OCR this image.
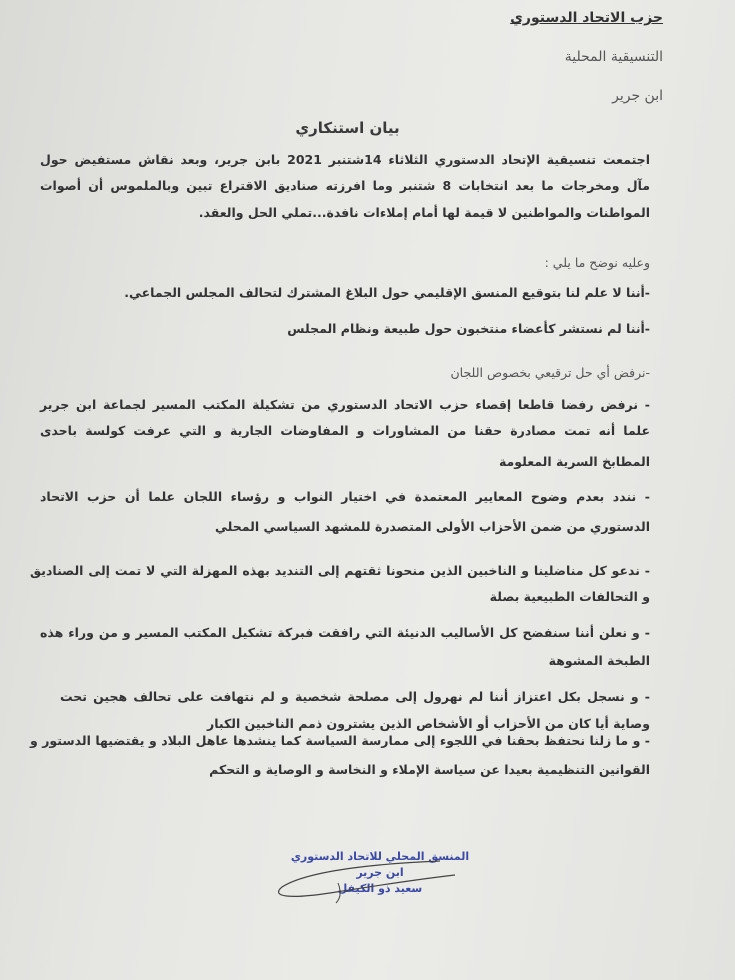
حزب الاتحاد الدستوري
التنسيقية المحلية
ابن جرير
بيان استنكاري
اجتمعت تنسيقية الإتحاد الدستوري الثلاثاء 14شتنبر 2021 بابن جرير، وبعد نقاش مستفيض حول
مآل ومخرجات ما بعد انتخابات 8 شتنبر وما افرزته صناديق الاقتراع تبين وبالملموس أن أصوات
المواطنات والمواطنين لا قيمة لها أمام إملاءات نافدة...تملي الحل والعقد.
وعليه نوضح ما يلي :
-أننا لا علم لنا بتوقيع المنسق الإقليمي حول البلاغ المشترك لتحالف المجلس الجماعي.
-أننا لم نستشر كأعضاء منتخبون حول طبيعة ونظام المجلس
-نرفض أي حل ترقيعي بخصوص اللجان
- نرفض رفضا قاطعا إقصاء حزب الاتحاد الدستوري من تشكيلة المكتب المسير لجماعة ابن جرير
علما أنه تمت مصادرة حقنا من المشاورات و المفاوضات الجارية و التي عرفت كولسة باحدى
المطابخ السرية المعلومة
- نندد بعدم وضوح المعايير المعتمدة في اختيار النواب و رؤساء اللجان علما أن حزب الاتحاد
الدستوري من ضمن الأحزاب الأولى المتصدرة للمشهد السياسي المحلي
- ندعو كل مناضلينا و الناخبين الذين منحونا ثقتهم إلى التنديد بهذه المهزلة التي لا تمت إلى الصناديق
و التحالفات الطبيعية بصلة
- و نعلن أننا سنفضح كل الأساليب الدنيئة التي رافقت فبركة تشكيل المكتب المسير و من وراء هذه
الطبخة المشوهة
- و نسجل بكل اعتزاز أننا لم نهرول إلى مصلحة شخصية و لم نتهافت على تحالف هجين تحت
وصاية أيا كان من الأحزاب أو الأشخاص الذين يشترون ذمم الناخبين الكبار
- و ما زلنا نحتفظ بحقنا في اللجوء إلى ممارسة السياسة كما ينشدها عاهل البلاد و يقتضيها الدستور و
القوانين التنظيمية بعيدا عن سياسة الإملاء و النخاسة و الوصاية و التحكم
المنسق المحلي للاتحاد الدستوري
ابن جرير
سعيد ذو الكيفل
